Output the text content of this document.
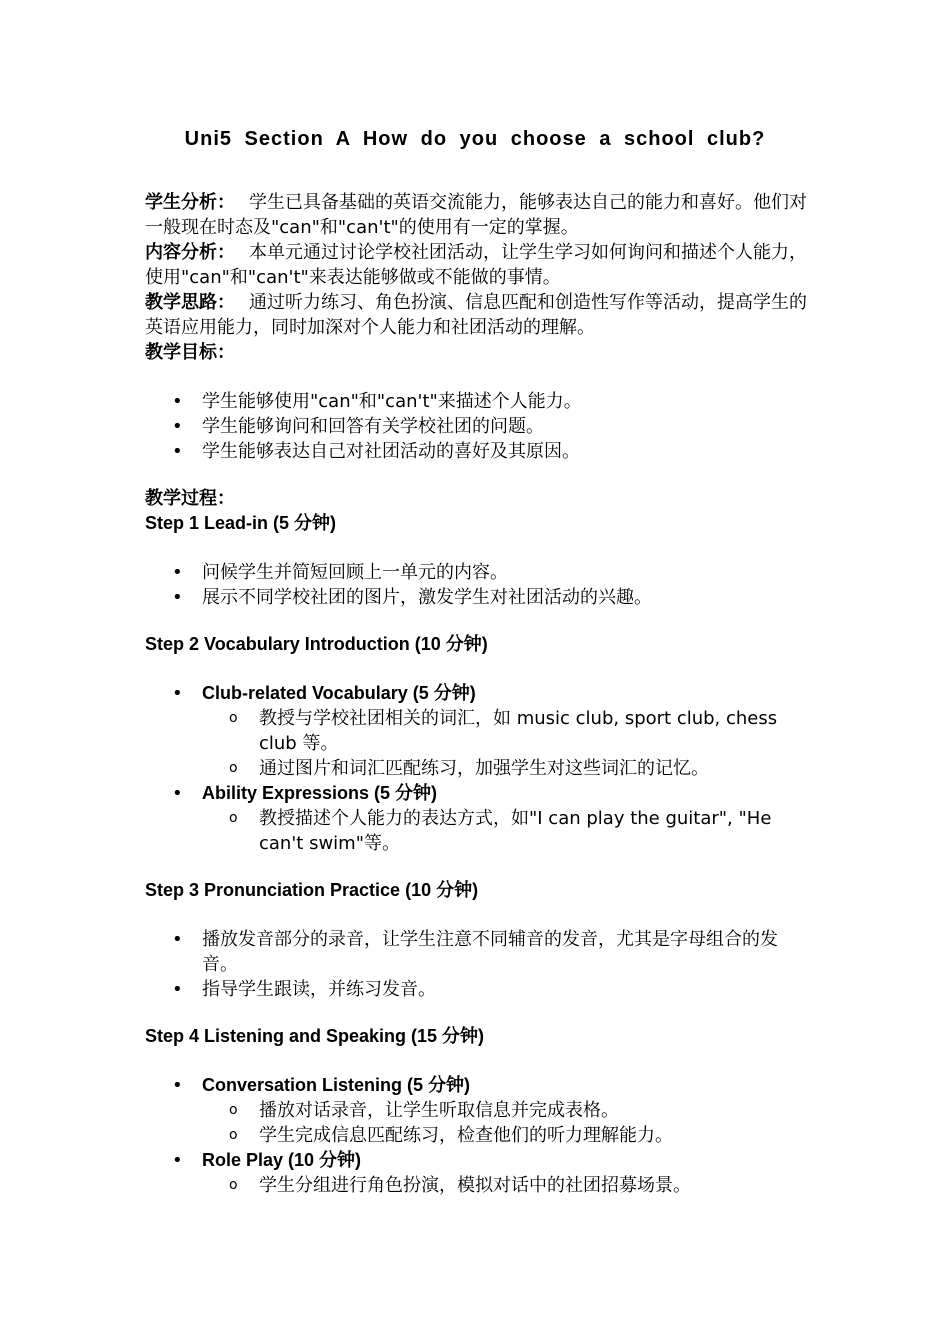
Uni5 Section A How do you choose a school club?

学生分析： 学生已具备基础的英语交流能力，能够表达自己的能力和喜好。他们对一般现在时态及"can"和"can't"的使用有一定的掌握。

内容分析： 本单元通过讨论学校社团活动，让学生学习如何询问和描述个人能力，使用"can"和"can't"来表达能够做或不能做的事情。

教学思路： 通过听力练习、角色扮演、信息匹配和创造性写作等活动，提高学生的英语应用能力，同时加深对个人能力和社团活动的理解。

教学目标：

• 学生能够使用"can"和"can't"来描述个人能力。
• 学生能够询问和回答有关学校社团的问题。
• 学生能够表达自己对社团活动的喜好及其原因。

教学过程：

Step 1 Lead-in (5 分钟)

• 问候学生并简短回顾上一单元的内容。
• 展示不同学校社团的图片，激发学生对社团活动的兴趣。

Step 2 Vocabulary Introduction (10 分钟)

• Club-related Vocabulary (5 分钟)
o 教授与学校社团相关的词汇，如 music club, sport club, chess club 等。
o 通过图片和词汇匹配练习，加强学生对这些词汇的记忆。
• Ability Expressions (5 分钟)
o 教授描述个人能力的表达方式，如"I can play the guitar", "He can't swim"等。

Step 3 Pronunciation Practice (10 分钟)

• 播放发音部分的录音，让学生注意不同辅音的发音，尤其是字母组合的发音。
• 指导学生跟读，并练习发音。

Step 4 Listening and Speaking (15 分钟)

• Conversation Listening (5 分钟)
o 播放对话录音，让学生听取信息并完成表格。
o 学生完成信息匹配练习，检查他们的听力理解能力。
• Role Play (10 分钟)
o 学生分组进行角色扮演，模拟对话中的社团招募场景。
